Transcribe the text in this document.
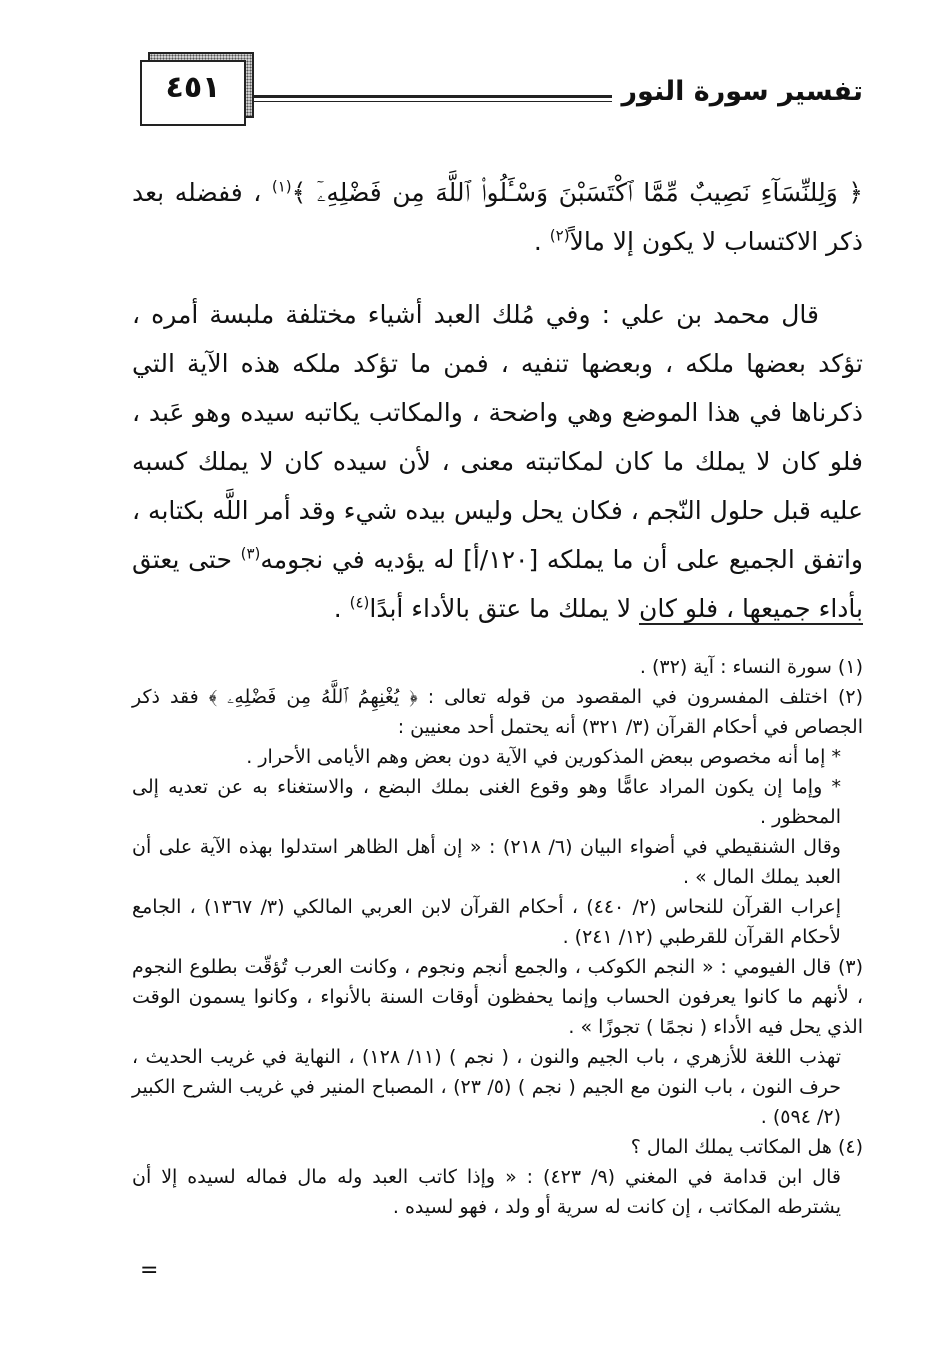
٤٥١	تفسير سورة النور

﴿ وَلِلنِّسَآءِ نَصِيبٌ مِّمَّا ٱكْتَسَبْنَ وَسْـَٔلُوا۟ ٱللَّهَ مِن فَضْلِهِۦٓ ﴾$^{(١)}$ ، ففضله بعد ذكر الاكتساب لا يكون إلا مالاً$^{(٢)}$ .

قال محمد بن علي : وفي مُلك العبد أشياء مختلفة ملبسة أمره ، تؤكد بعضها ملكه ، وبعضها تنفيه ، فمن ما تؤكد ملكه هذه الآية التي ذكرناها في هذا الموضع وهي واضحة ، والمكاتب يكاتبه سيده وهو عَبد ، فلو كان لا يملك ما كان لمكاتبته معنى ، لأن سيده كان لا يملك كسبه عليه قبل حلول النّجم ، فكان يحل وليس بيده شيء وقد أمر اللَّه بكتابه ، واتفق الجميع على أن ما يملكه [١٢٠/أ] له يؤديه في نجومه$^{(٣)}$ حتى يعتق بأداء جميعها ، فلو كان لا يملك ما عتق بالأداء أبدًا$^{(٤)}$ .

(١) سورة النساء : آية (٣٢) .

(٢) اختلف المفسرون في المقصود من قوله تعالى : ﴿ يُغْنِهِمُ ٱللَّهُ مِن فَضْلِهِۦ ﴾ فقد ذكر الجصاص في أحكام القرآن (٣/ ٣٢١) أنه يحتمل أحد معنيين :

* إما أنه مخصوص ببعض المذكورين في الآية دون بعض وهم الأيامى الأحرار .

* وإما إن يكون المراد عامًّا وهو وقوع الغنى بملك البضع ، والاستغناء به عن تعديه إلى المحظور .

وقال الشنقيطي في أضواء البيان (٦/ ٢١٨) : « إن أهل الظاهر استدلوا بهذه الآية على أن العبد يملك المال » .

إعراب القرآن للنحاس (٢/ ٤٤٠) ، أحكام القرآن لابن العربي المالكي (٣/ ١٣٦٧) ، الجامع لأحكام القرآن للقرطبي (١٢/ ٢٤١) .

(٣) قال الفيومي : « النجم الكوكب ، والجمع أنجم ونجوم ، وكانت العرب تُؤقّت بطلوع النجوم ، لأنهم ما كانوا يعرفون الحساب وإنما يحفظون أوقات السنة بالأنواء ، وكانوا يسمون الوقت الذي يحل فيه الأداء ( نجمًا ) تجوزًا » .

تهذب اللغة للأزهري ، باب الجيم والنون ، ( نجم ) (١١/ ١٢٨) ، النهاية في غريب الحديث ، حرف النون ، باب النون مع الجيم ( نجم ) (٥/ ٢٣) ، المصباح المنير في غريب الشرح الكبير (٢/ ٥٩٤) .

(٤) هل المكاتب يملك المال ؟

قال ابن قدامة في المغني (٩/ ٤٢٣) : « وإذا كاتب العبد وله مال فماله لسيده إلا أن يشترطه المكاتب ، إن كانت له سرية أو ولد ، فهو لسيده .

=
